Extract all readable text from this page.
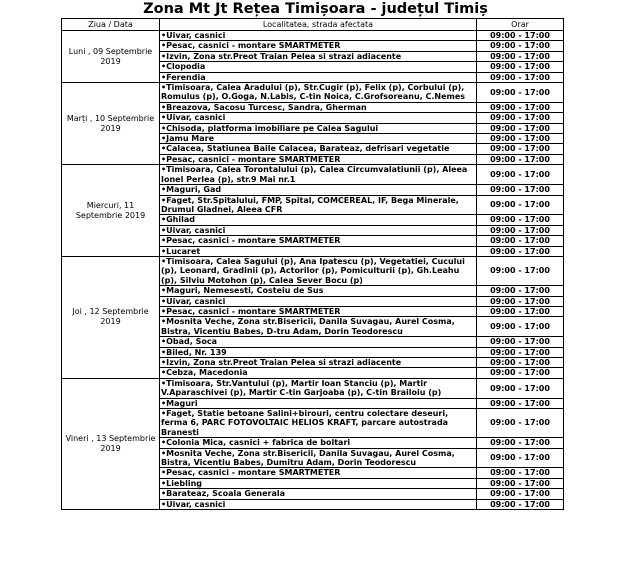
Zona Mt Jt Rețea Timișoara - județul Timiș
Ziua / Data	Localitatea, strada afectata	Orar
Luni , 09 Septembrie 2019	•Uivar, casnici	09:00 - 17:00
	•Pesac, casnici - montare SMARTMETER	09:00 - 17:00
	•Izvin, Zona str.Preot Traian Pelea si strazi adiacente	09:00 - 17:00
	•Clopodia	09:00 - 17:00
	•Ferendia	09:00 - 17:00
Marți , 10 Septembrie 2019	•Timisoara, Calea Aradului (p), Str.Cugir (p), Felix (p), Corbului (p), Romulus (p), O.Goga, N.Labis, C-tin Noica, C.Grofsoreanu, C.Nemes	09:00 - 17:00
	•Breazova, Sacosu Turcesc, Sandra, Gherman	09:00 - 17:00
	•Uivar, casnici	09:00 - 17:00
	•Chisoda, platforma imobiliare pe Calea Sagului	09:00 - 17:00
	•Jamu Mare	09:00 - 17:00
	•Calacea, Statiunea Baile Calacea, Barateaz, defrisari vegetatie	09:00 - 17:00
	•Pesac, casnici - montare SMARTMETER	09:00 - 17:00
Miercuri, 11 Septembrie 2019	•Timisoara, Calea Torontalului (p), Calea Circumvalatiunii (p), Aleea Ionel Perlea (p), str.9 Mai nr.1	09:00 - 17:00
	•Maguri, Gad	09:00 - 17:00
	•Faget, Str.Spitalului, FMP, Spital, COMCEREAL, IF, Bega Minerale, Drumul Gladnei, Aleea CFR	09:00 - 17:00
	•Ghilad	09:00 - 17:00
	•Uivar, casnici	09:00 - 17:00
	•Pesac, casnici - montare SMARTMETER	09:00 - 17:00
	•Lucaret	09:00 - 17:00
Joi , 12 Septembrie 2019	•Timisoara, Calea Sagului (p), Ana Ipatescu (p), Vegetatiei, Cucului (p), Leonard, Gradinii (p), Actorilor (p), Pomiculturii (p), Gh.Leahu (p), Silviu Motohon (p), Calea Sever Bocu (p)	09:00 - 17:00
	•Maguri, Nemesesti, Costeiu de Sus	09:00 - 17:00
	•Uivar, casnici	09:00 - 17:00
	•Pesac, casnici - montare SMARTMETER	09:00 - 17:00
	•Mosnita Veche, Zona str.Bisericii, Danila Suvagau, Aurel Cosma, Bistra, Vicentiu Babes, D-tru Adam, Dorin Teodorescu	09:00 - 17:00
	•Obad, Soca	09:00 - 17:00
	•Biled, Nr. 139	09:00 - 17:00
	•Izvin, Zona str.Preot Traian Pelea si strazi adiacente	09:00 - 17:00
	•Cebza, Macedonia	09:00 - 17:00
Vineri , 13 Septembrie 2019	•Timisoara, Str.Vantului (p), Martir Ioan Stanciu (p), Martir V.Aparaschivei (p), Martir C-tin Garjoaba (p), C-tin Brailoiu (p)	09:00 - 17:00
	•Maguri	09:00 - 17:00
	•Faget, Statie betoane Salini+birouri, centru colectare deseuri, ferma 6, PARC FOTOVOLTAIC HELIOS KRAFT, parcare autostrada Branesti	09:00 - 17:00
	•Colonia Mica, casnici + fabrica de boltari	09:00 - 17:00
	•Mosnita Veche, Zona str.Bisericii, Danila Suvagau, Aurel Cosma, Bistra, Vicentiu Babes, Dumitru Adam, Dorin Teodorescu	09:00 - 17:00
	•Pesac, casnici - montare SMARTMETER	09:00 - 17:00
	•Liebling	09:00 - 17:00
	•Barateaz, Scoala Generala	09:00 - 17:00
	•Uivar, casnici	09:00 - 17:00
